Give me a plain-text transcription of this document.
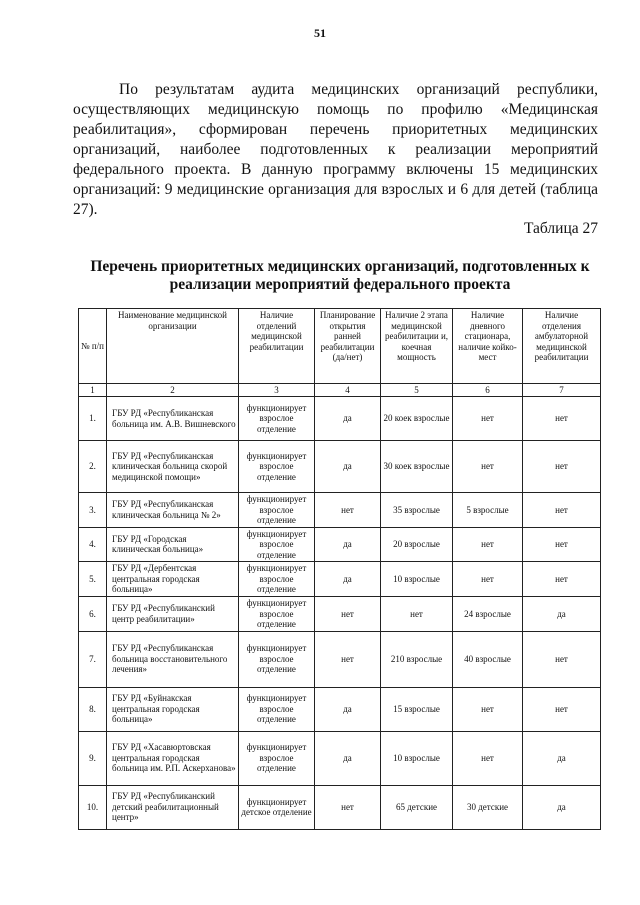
51

По результатам аудита медицинских организаций республики, осуществляющих медицинскую помощь по профилю «Медицинская реабилитация», сформирован перечень приоритетных медицинских организаций, наиболее подготовленных к реализации мероприятий федерального проекта. В данную программу включены 15 медицинских организаций: 9 медицинские организация для взрослых и 6 для детей (таблица 27).

Таблица 27

Перечень приоритетных медицинских организаций, подготовленных к реализации мероприятий федерального проекта

№ п/п	Наименование медицинской организации	Наличие отделений медицинской реабилитации	Планирование открытия ранней реабилитации (да/нет)	Наличие 2 этапа медицинской реабилитации и, коечная мощность	Наличие дневного стационара, наличие койко-мест	Наличие отделения амбулаторной медицинской реабилитации
1	2	3	4	5	6	7
1.	ГБУ РД «Республиканская больница им. А.В. Вишневского	функционирует взрослое отделение	да	20 коек взрослые	нет	нет
2.	ГБУ РД «Республиканская клиническая больница скорой медицинской помощи»	функционирует взрослое отделение	да	30 коек взрослые	нет	нет
3.	ГБУ РД «Республиканская клиническая больница № 2»	функционирует взрослое отделение	нет	35 взрослые	5 взрослые	нет
4.	ГБУ РД «Городская клиническая больница»	функционирует взрослое отделение	да	20 взрослые	нет	нет
5.	ГБУ РД «Дербентская центральная городская больница»	функционирует взрослое отделение	да	10 взрослые	нет	нет
6.	ГБУ РД «Республиканский центр реабилитации»	функционирует взрослое отделение	нет	нет	24 взрослые	да
7.	ГБУ РД «Республиканская больница восстановительного лечения»	функционирует взрослое отделение	нет	210 взрослые	40 взрослые	нет
8.	ГБУ РД «Буйнакская центральная городская больница»	функционирует взрослое отделение	да	15 взрослые	нет	нет
9.	ГБУ РД «Хасавюртовская центральная городская больница им. Р.П. Аскерханова»	функционирует взрослое отделение	да	10 взрослые	нет	да
10.	ГБУ РД «Республиканский детский реабилитационный центр»	функционирует детское отделение	нет	65 детские	30 детские	да
